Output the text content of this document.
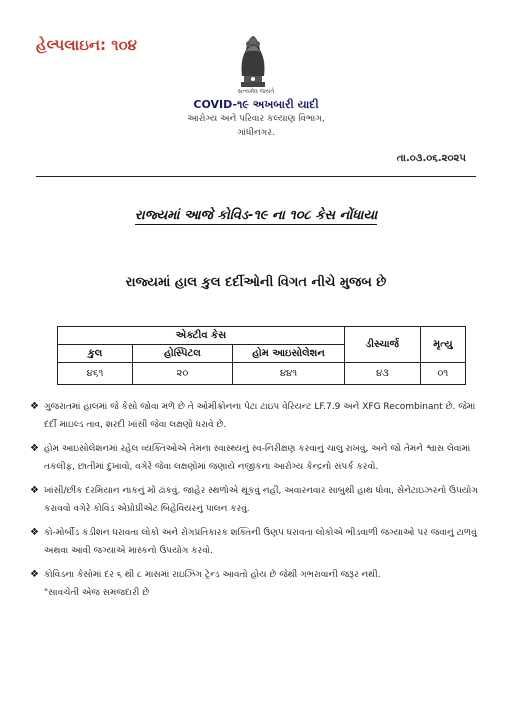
હેલ્પલાઇન: ૧૦૪
સત્યમેવ જયતે
COVID-૧૯ અખબારી યાદી
આરોગ્ય અને પરિવાર કલ્યાણ વિભાગ,
ગાંધીનગર.
તા.૦૩.૦૬.૨૦૨૫
રાજ્યમાં આજે કોવિડ-૧૯ ના ૧૦૮ કેસ નોંધાયા
રાજ્યમાં હાલ કુલ દર્દીઓની વિગત નીચે મુજબ છે
એક્ટીવ કેસ			ડીસ્ચાર્જ	મૃત્યુ
કુલ	હોસ્પિટલ	હોમ આઇસોલેશન		
૪૬૧	૨૦	૪૪૧	૪૩	૦૧
❖ ગુજરાતમાં હાલમાં જે કેસો જોવા મળે છે તે ઓમીક્રોનના પેટા ટાઇપ વેરિયન્ટ LF.7.9 અને XFG Recombinant છે. જેમાં દર્દી માઇલ્ડ તાવ, શરદી ખાંસી જેવા લક્ષણો ધરાવે છે.
❖ હોમ આઇસોલેશનમાં રહેલ વ્યક્તિઓએ તેમના સ્વાસ્થ્યનું સ્વ-નિરીક્ષણ કરવાનું ચાલુ રાખવું, અને જો તેમને શ્વાસ લેવામાં તકલીફ, છાતીમાં દુખાવો, વગેરે જેવા લક્ષણોમાં જણાયે નજીકના આરોગ્ય કેન્દ્રનો સંપર્ક કરવો.
❖ ખાંસી/છીંક દરમિયાન નાકનું મોં ઢાંકવું. જાહેર સ્થળોએ થૂંકવું નહીં, અવારનવાર સાબુથી હાથ ધોવા, સેનેટાઇઝરનો ઉપયોગ કરાવવો વગેરે કોવિડ એપ્રોપ્રીએટ બિહેવિયરનું પાલન કરવું.
❖ કો-મોર્બીડ કંડીશન ધરાવતા લોકો અને રોગપ્રતિકારક શક્તિની ઉણપ ધરાવતા લોકોએ ભીડવાળી જગ્યાઓ પર જવાનું ટાળવું અથવા આવી જગ્યાએ માસ્કનો ઉપયોગ કરવો.
❖ કોવિડના કેસોમાં દર ૬ થી ૮ માસમાં રાઇઝિંગ ટ્રેન્ડ આવતો હોય છે જેથી ગભરાવાની જરૂર નથી.
"સાવચેતી એજ સમજદારી છે
